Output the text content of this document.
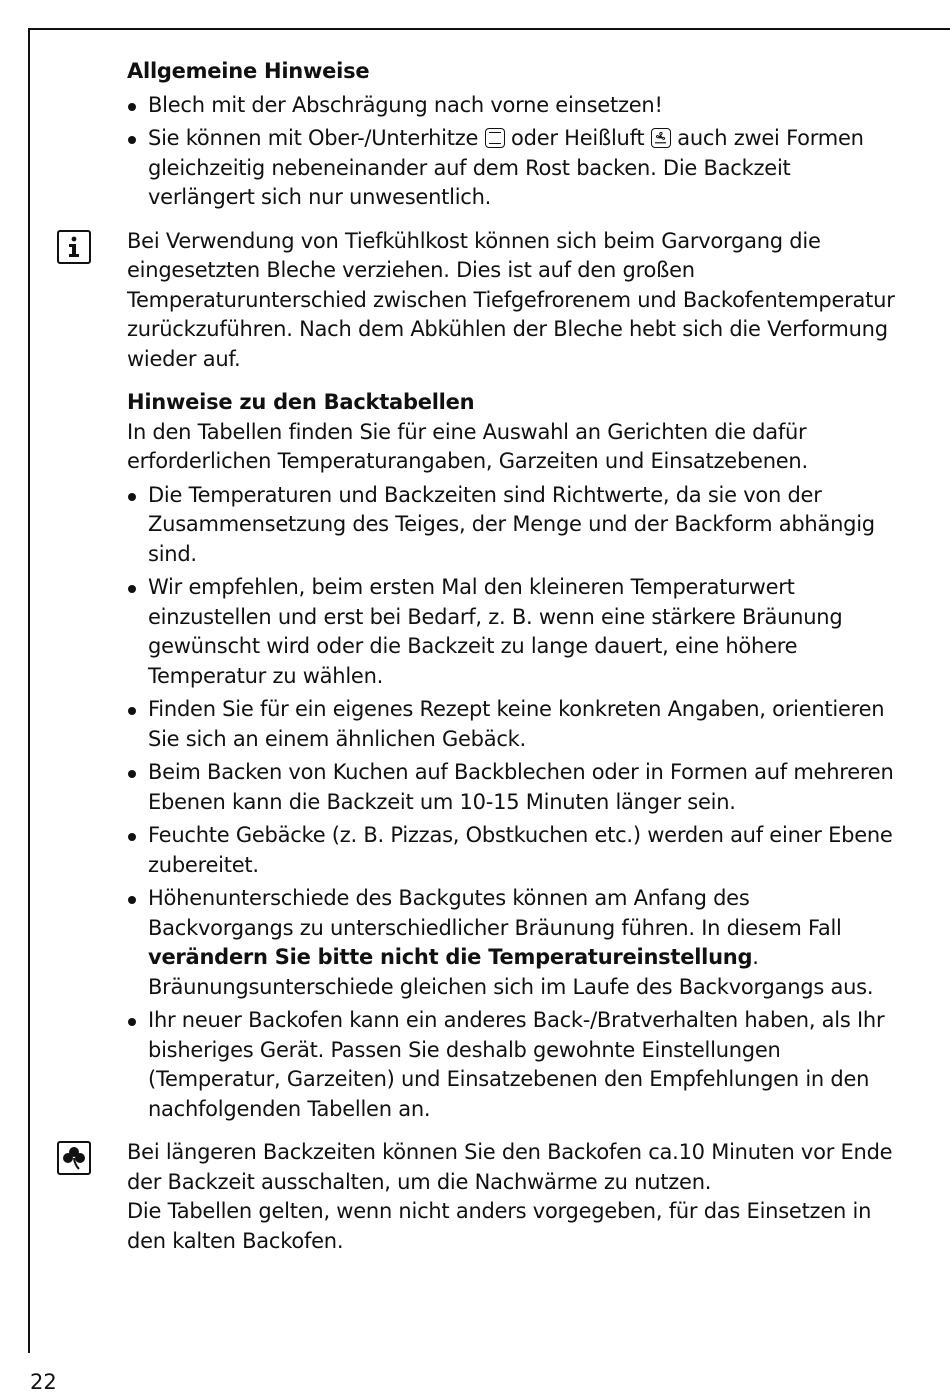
Allgemeine Hinweise

Blech mit der Abschrägung nach vorne einsetzen!
Sie können mit Ober-/Unterhitze oder Heißluft auch zwei Formen gleichzeitig nebeneinander auf dem Rost backen. Die Backzeit verlängert sich nur unwesentlich.

Bei Verwendung von Tiefkühlkost können sich beim Garvorgang die eingesetzten Bleche verziehen. Dies ist auf den großen Temperaturunterschied zwischen Tiefgefrorenem und Backofentemperatur zurückzuführen. Nach dem Abkühlen der Bleche hebt sich die Verformung wieder auf.

Hinweise zu den Backtabellen

In den Tabellen finden Sie für eine Auswahl an Gerichten die dafür erforderlichen Temperaturangaben, Garzeiten und Einsatzebenen.

Die Temperaturen und Backzeiten sind Richtwerte, da sie von der Zusammensetzung des Teiges, der Menge und der Backform abhängig sind.
Wir empfehlen, beim ersten Mal den kleineren Temperaturwert einzustellen und erst bei Bedarf, z. B. wenn eine stärkere Bräunung gewünscht wird oder die Backzeit zu lange dauert, eine höhere Temperatur zu wählen.
Finden Sie für ein eigenes Rezept keine konkreten Angaben, orientieren Sie sich an einem ähnlichen Gebäck.
Beim Backen von Kuchen auf Backblechen oder in Formen auf mehreren Ebenen kann die Backzeit um 10-15 Minuten länger sein.
Feuchte Gebäcke (z. B. Pizzas, Obstkuchen etc.) werden auf einer Ebene zubereitet.
Höhenunterschiede des Backgutes können am Anfang des Backvorgangs zu unterschiedlicher Bräunung führen. In diesem Fall verändern Sie bitte nicht die Temperatureinstellung. Bräunungsunterschiede gleichen sich im Laufe des Backvorgangs aus.
Ihr neuer Backofen kann ein anderes Back-/Bratverhalten haben, als Ihr bisheriges Gerät. Passen Sie deshalb gewohnte Einstellungen (Temperatur, Garzeiten) und Einsatzebenen den Empfehlungen in den nachfolgenden Tabellen an.

Bei längeren Backzeiten können Sie den Backofen ca.10 Minuten vor Ende der Backzeit ausschalten, um die Nachwärme zu nutzen.

Die Tabellen gelten, wenn nicht anders vorgegeben, für das Einsetzen in den kalten Backofen.

22
